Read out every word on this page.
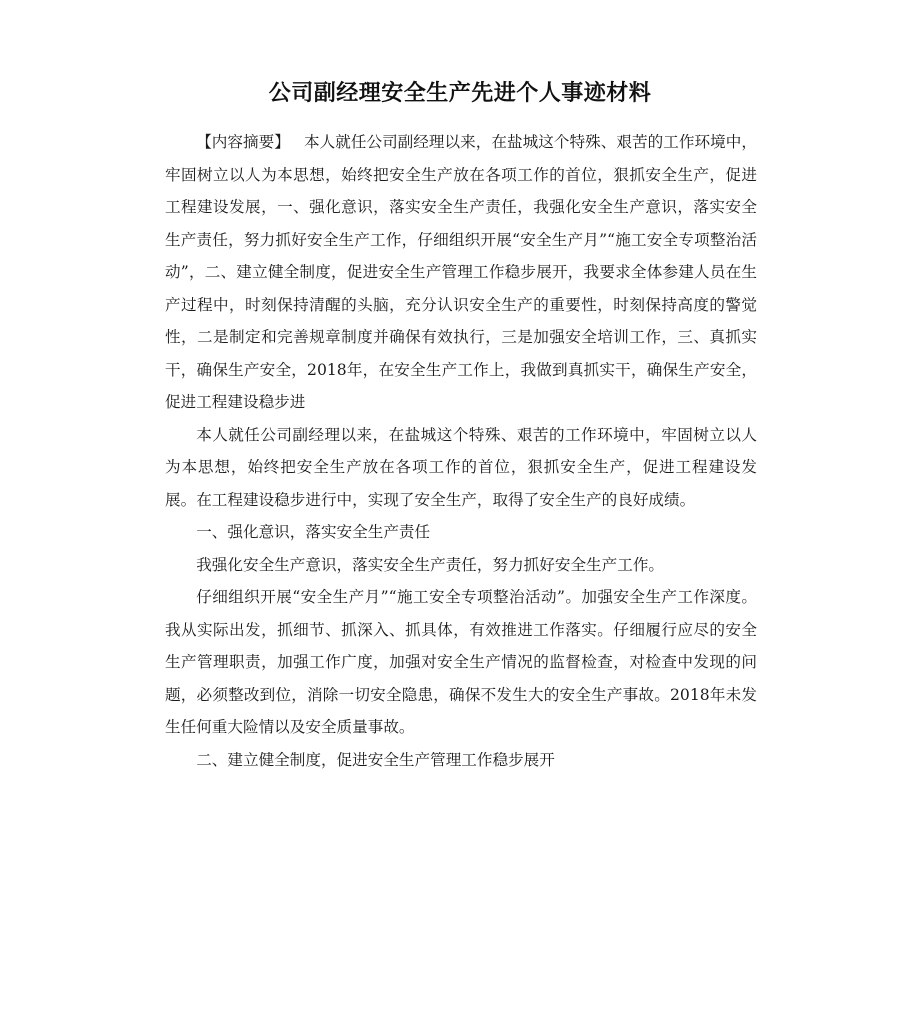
公司副经理安全生产先进个人事迹材料

【内容摘要】 本人就任公司副经理以来，在盐城这个特殊、艰苦的工作环境中，牢固树立以人为本思想，始终把安全生产放在各项工作的首位，狠抓安全生产，促进工程建设发展，一、强化意识，落实安全生产责任，我强化安全生产意识，落实安全生产责任，努力抓好安全生产工作，仔细组织开展“安全生产月”“施工安全专项整治活动”，二、建立健全制度，促进安全生产管理工作稳步展开，我要求全体参建人员在生产过程中，时刻保持清醒的头脑，充分认识安全生产的重要性，时刻保持高度的警觉性，二是制定和完善规章制度并确保有效执行，三是加强安全培训工作，三、真抓实干，确保生产安全，2018年，在安全生产工作上，我做到真抓实干，确保生产安全，促进工程建设稳步进

本人就任公司副经理以来，在盐城这个特殊、艰苦的工作环境中，牢固树立以人为本思想，始终把安全生产放在各项工作的首位，狠抓安全生产，促进工程建设发展。在工程建设稳步进行中，实现了安全生产，取得了安全生产的良好成绩。

一、强化意识，落实安全生产责任

我强化安全生产意识，落实安全生产责任，努力抓好安全生产工作。

仔细组织开展“安全生产月”“施工安全专项整治活动”。加强安全生产工作深度。我从实际出发，抓细节、抓深入、抓具体，有效推进工作落实。仔细履行应尽的安全生产管理职责，加强工作广度，加强对安全生产情况的监督检查，对检查中发现的问题，必须整改到位，消除一切安全隐患，确保不发生大的安全生产事故。2018年未发生任何重大险情以及安全质量事故。

二、建立健全制度，促进安全生产管理工作稳步展开
